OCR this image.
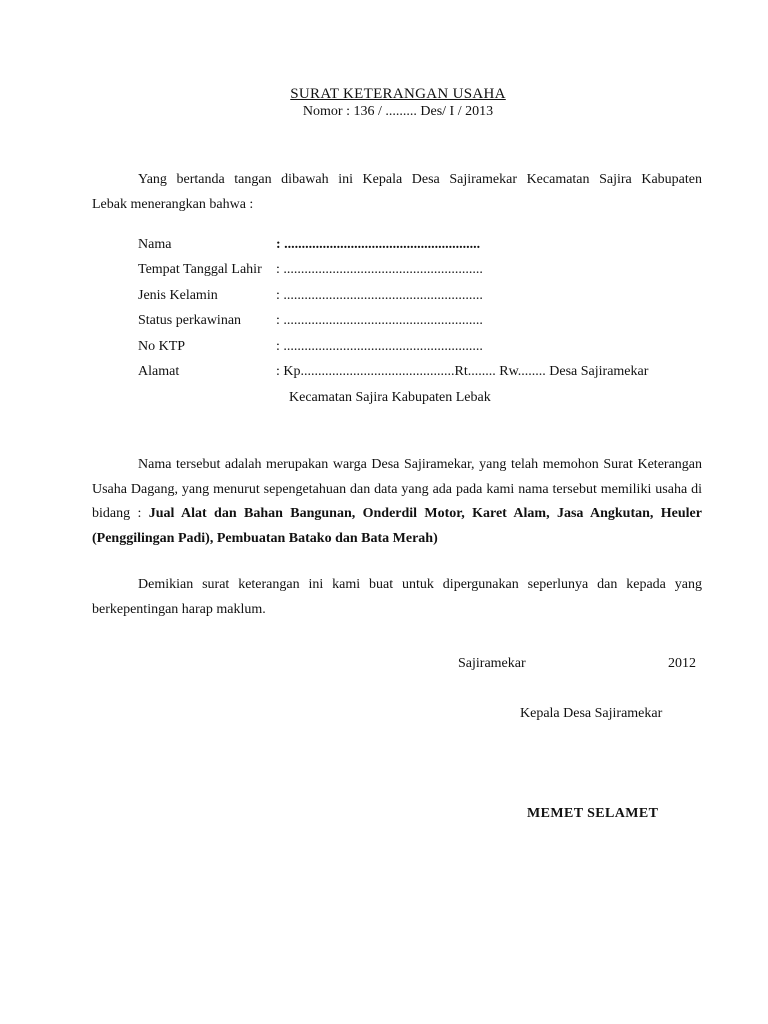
SURAT KETERANGAN USAHA
Nomor : 136 / ......... Des/ I / 2013

Yang bertanda tangan dibawah ini Kepala Desa Sajiramekar Kecamatan Sajira Kabupaten

Lebak menerangkan bahwa :

Nama	: ........................................................
Tempat Tanggal Lahir : .........................................................
Jenis Kelamin	: .........................................................
Status perkawinan : .........................................................
No KTP	: .........................................................
Alamat	: Kp............................................Rt........ Rw........ Desa Sajiramekar
Kecamatan Sajira Kabupaten Lebak

Nama tersebut adalah merupakan warga Desa Sajiramekar, yang telah memohon Surat Keterangan Usaha Dagang, yang menurut sepengetahuan dan data yang ada pada kami nama tersebut memiliki usaha di bidang : Jual Alat dan Bahan Bangunan, Onderdil Motor, Karet Alam, Jasa Angkutan, Heuler (Penggilingan Padi), Pembuatan Batako dan Bata Merah)

Demikian surat keterangan ini kami buat untuk dipergunakan seperlunya dan kepada yang berkepentingan harap maklum.

Sajiramekar	2012
Kepala Desa Sajiramekar
MEMET SELAMET
